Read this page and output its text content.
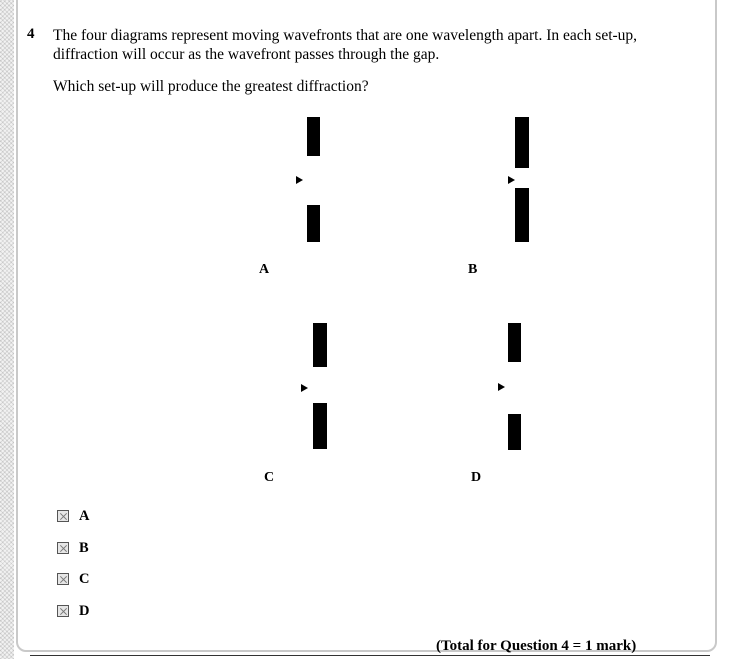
4 The four diagrams represent moving wavefronts that are one wavelength apart. In each set-up, diffraction will occur as the wavefront passes through the gap.
Which set-up will produce the greatest diffraction?
A	B
C	D
A
B
C
D
(Total for Question 4 = 1 mark)
